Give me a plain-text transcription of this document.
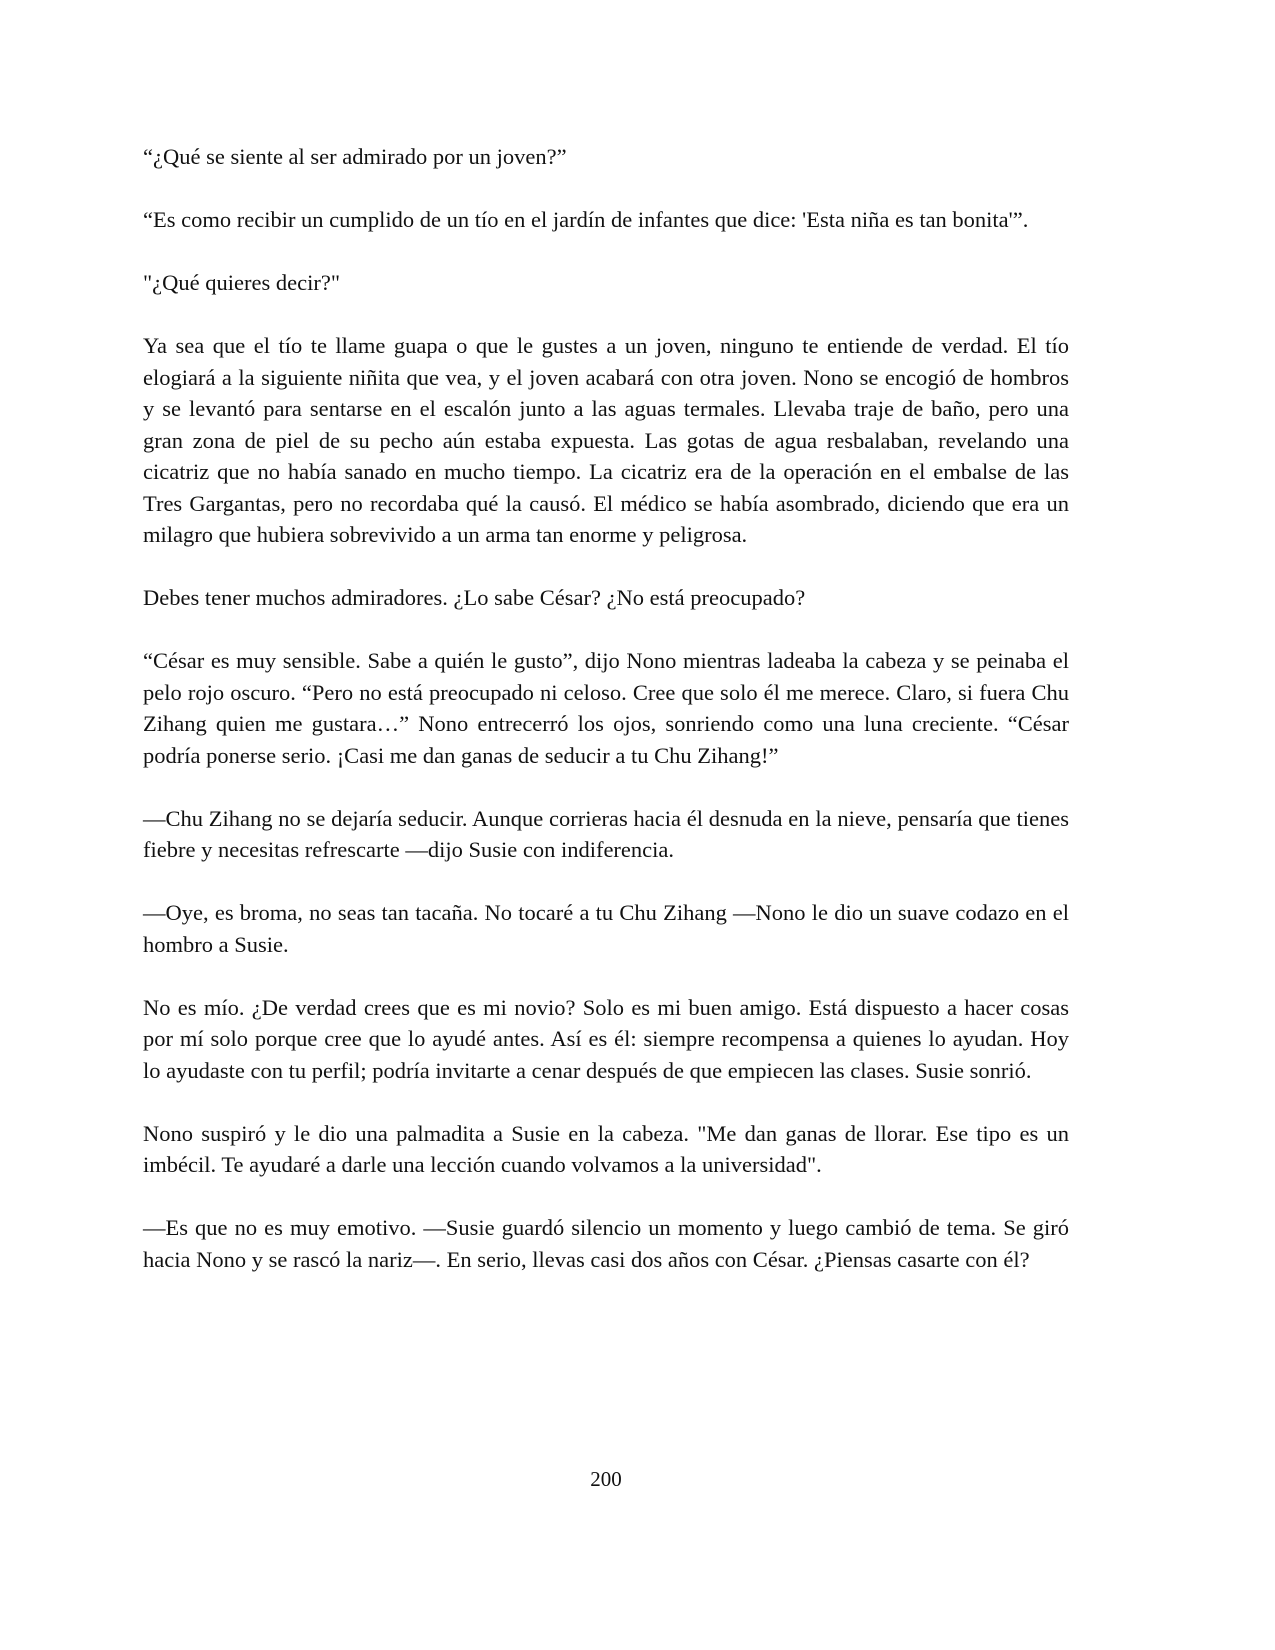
“¿Qué se siente al ser admirado por un joven?”

“Es como recibir un cumplido de un tío en el jardín de infantes que dice: 'Esta niña es tan bonita'”.

"¿Qué quieres decir?"

Ya sea que el tío te llame guapa o que le gustes a un joven, ninguno te entiende de verdad. El tío elogiará a la siguiente niñita que vea, y el joven acabará con otra joven. Nono se encogió de hombros y se levantó para sentarse en el escalón junto a las aguas termales. Llevaba traje de baño, pero una gran zona de piel de su pecho aún estaba expuesta. Las gotas de agua resbalaban, revelando una cicatriz que no había sanado en mucho tiempo. La cicatriz era de la operación en el embalse de las Tres Gargantas, pero no recordaba qué la causó. El médico se había asombrado, diciendo que era un milagro que hubiera sobrevivido a un arma tan enorme y peligrosa.

Debes tener muchos admiradores. ¿Lo sabe César? ¿No está preocupado?

“César es muy sensible. Sabe a quién le gusto”, dijo Nono mientras ladeaba la cabeza y se peinaba el pelo rojo oscuro. “Pero no está preocupado ni celoso. Cree que solo él me merece. Claro, si fuera Chu Zihang quien me gustara…” Nono entrecerró los ojos, sonriendo como una luna creciente. “César podría ponerse serio. ¡Casi me dan ganas de seducir a tu Chu Zihang!”

—Chu Zihang no se dejaría seducir. Aunque corrieras hacia él desnuda en la nieve, pensaría que tienes fiebre y necesitas refrescarte —dijo Susie con indiferencia.

—Oye, es broma, no seas tan tacaña. No tocaré a tu Chu Zihang —Nono le dio un suave codazo en el hombro a Susie.

No es mío. ¿De verdad crees que es mi novio? Solo es mi buen amigo. Está dispuesto a hacer cosas por mí solo porque cree que lo ayudé antes. Así es él: siempre recompensa a quienes lo ayudan. Hoy lo ayudaste con tu perfil; podría invitarte a cenar después de que empiecen las clases. Susie sonrió.

Nono suspiró y le dio una palmadita a Susie en la cabeza. "Me dan ganas de llorar. Ese tipo es un imbécil. Te ayudaré a darle una lección cuando volvamos a la universidad".

—Es que no es muy emotivo. —Susie guardó silencio un momento y luego cambió de tema. Se giró hacia Nono y se rascó la nariz—. En serio, llevas casi dos años con César. ¿Piensas casarte con él?

200
